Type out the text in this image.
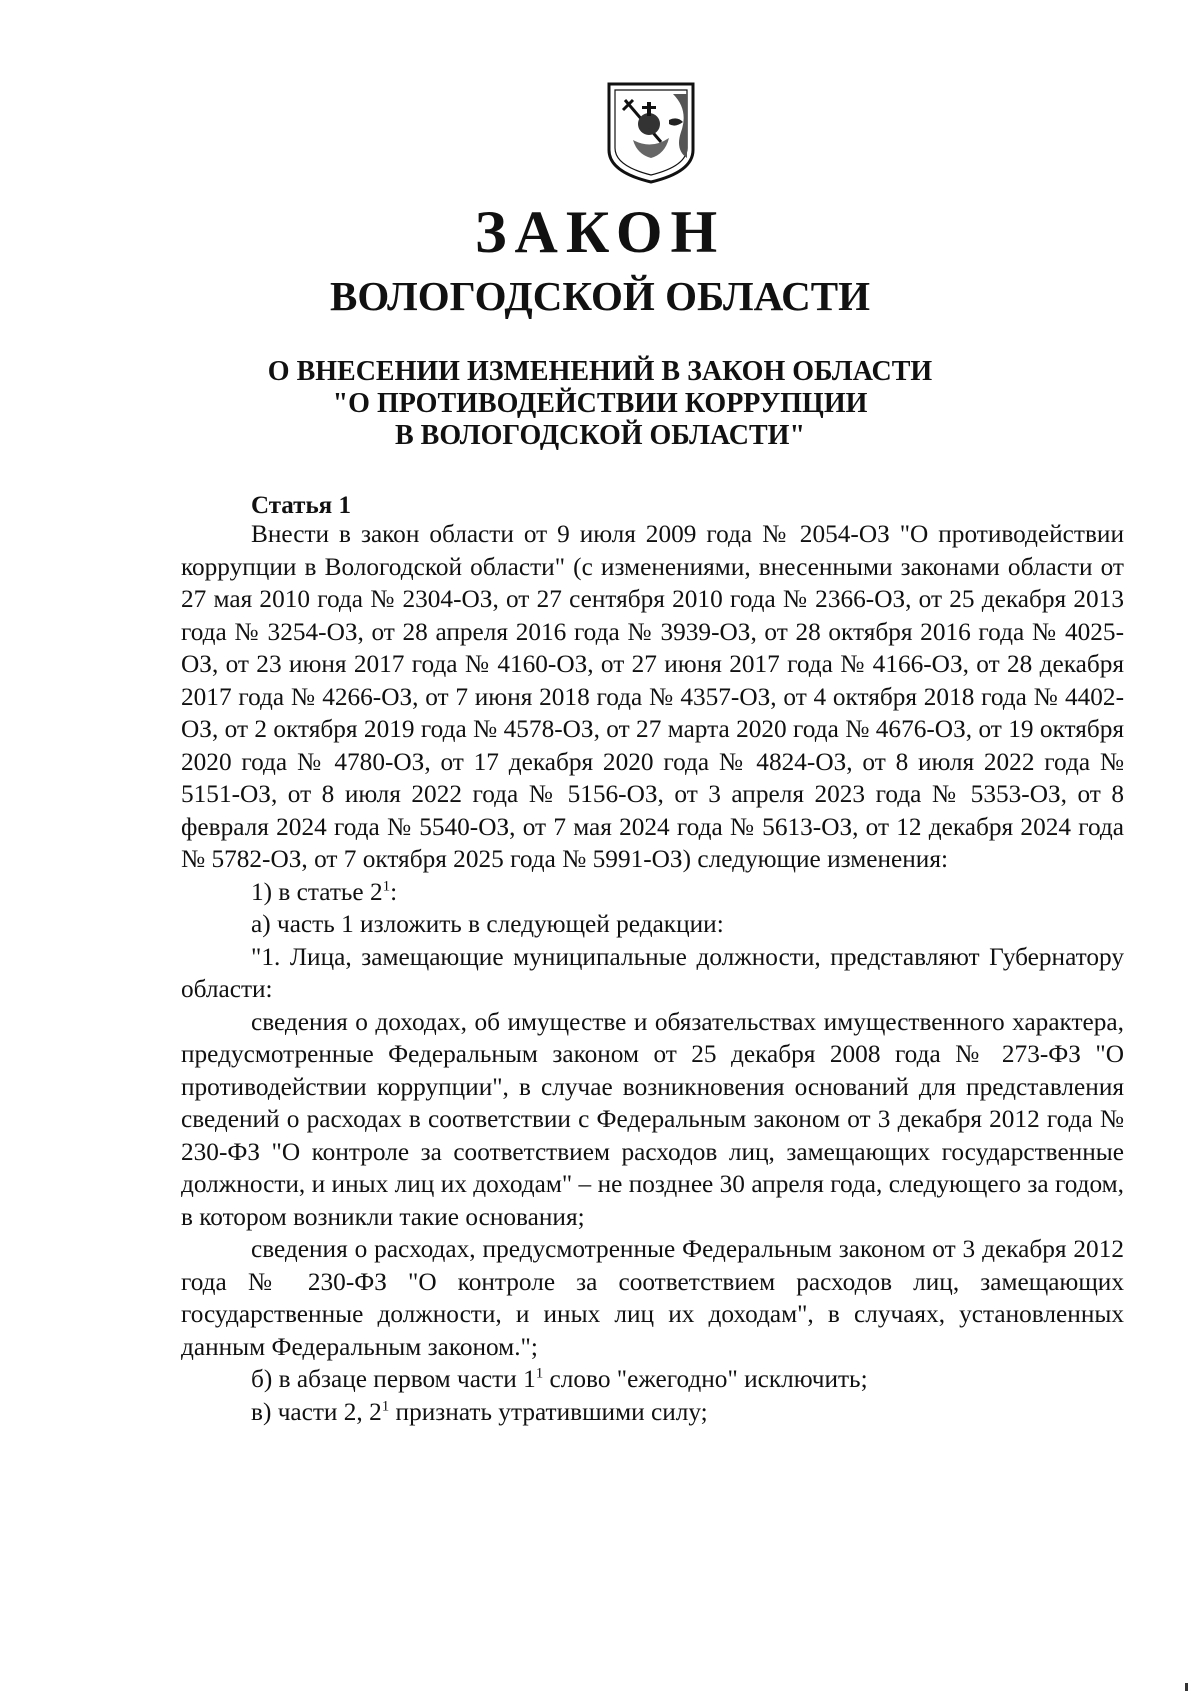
ЗАКОН
ВОЛОГОДСКОЙ ОБЛАСТИ
О ВНЕСЕНИИ ИЗМЕНЕНИЙ В ЗАКОН ОБЛАСТИ
"О ПРОТИВОДЕЙСТВИИ КОРРУПЦИИ
В ВОЛОГОДСКОЙ ОБЛАСТИ"
Статья 1

Внести в закон области от 9 июля 2009 года № 2054-ОЗ "О противодействии коррупции в Вологодской области" (с изменениями, внесенными законами области от 27 мая 2010 года № 2304-ОЗ, от 27 сентября 2010 года № 2366-ОЗ, от 25 декабря 2013 года № 3254-ОЗ, от 28 апреля 2016 года № 3939-ОЗ, от 28 октября 2016 года № 4025-ОЗ, от 23 июня 2017 года № 4160-ОЗ, от 27 июня 2017 года № 4166-ОЗ, от 28 декабря 2017 года № 4266-ОЗ, от 7 июня 2018 года № 4357-ОЗ, от 4 октября 2018 года № 4402-ОЗ, от 2 октября 2019 года № 4578-ОЗ, от 27 марта 2020 года № 4676-ОЗ, от 19 октября 2020 года № 4780-ОЗ, от 17 декабря 2020 года № 4824-ОЗ, от 8 июля 2022 года № 5151-ОЗ, от 8 июля 2022 года № 5156-ОЗ, от 3 апреля 2023 года № 5353-ОЗ, от 8 февраля 2024 года № 5540-ОЗ, от 7 мая 2024 года № 5613-ОЗ, от 12 декабря 2024 года № 5782-ОЗ, от 7 октября 2025 года № 5991-ОЗ) следующие изменения:

1) в статье $2^1$:

а) часть 1 изложить в следующей редакции:

"1. Лица, замещающие муниципальные должности, представляют Губернатору области:

сведения о доходах, об имуществе и обязательствах имущественного характера, предусмотренные Федеральным законом от 25 декабря 2008 года № 273-ФЗ "О противодействии коррупции", в случае возникновения оснований для представления сведений о расходах в соответствии с Федеральным законом от 3 декабря 2012 года № 230-ФЗ "О контроле за соответствием расходов лиц, замещающих государственные должности, и иных лиц их доходам" – не позднее 30 апреля года, следующего за годом, в котором возникли такие основания;

сведения о расходах, предусмотренные Федеральным законом от 3 декабря 2012 года № 230-ФЗ "О контроле за соответствием расходов лиц, замещающих государственные должности, и иных лиц их доходам", в случаях, установленных данным Федеральным законом.";

б) в абзаце первом части $1^1$ слово "ежегодно" исключить;

в) части 2, $2^1$ признать утратившими силу;
